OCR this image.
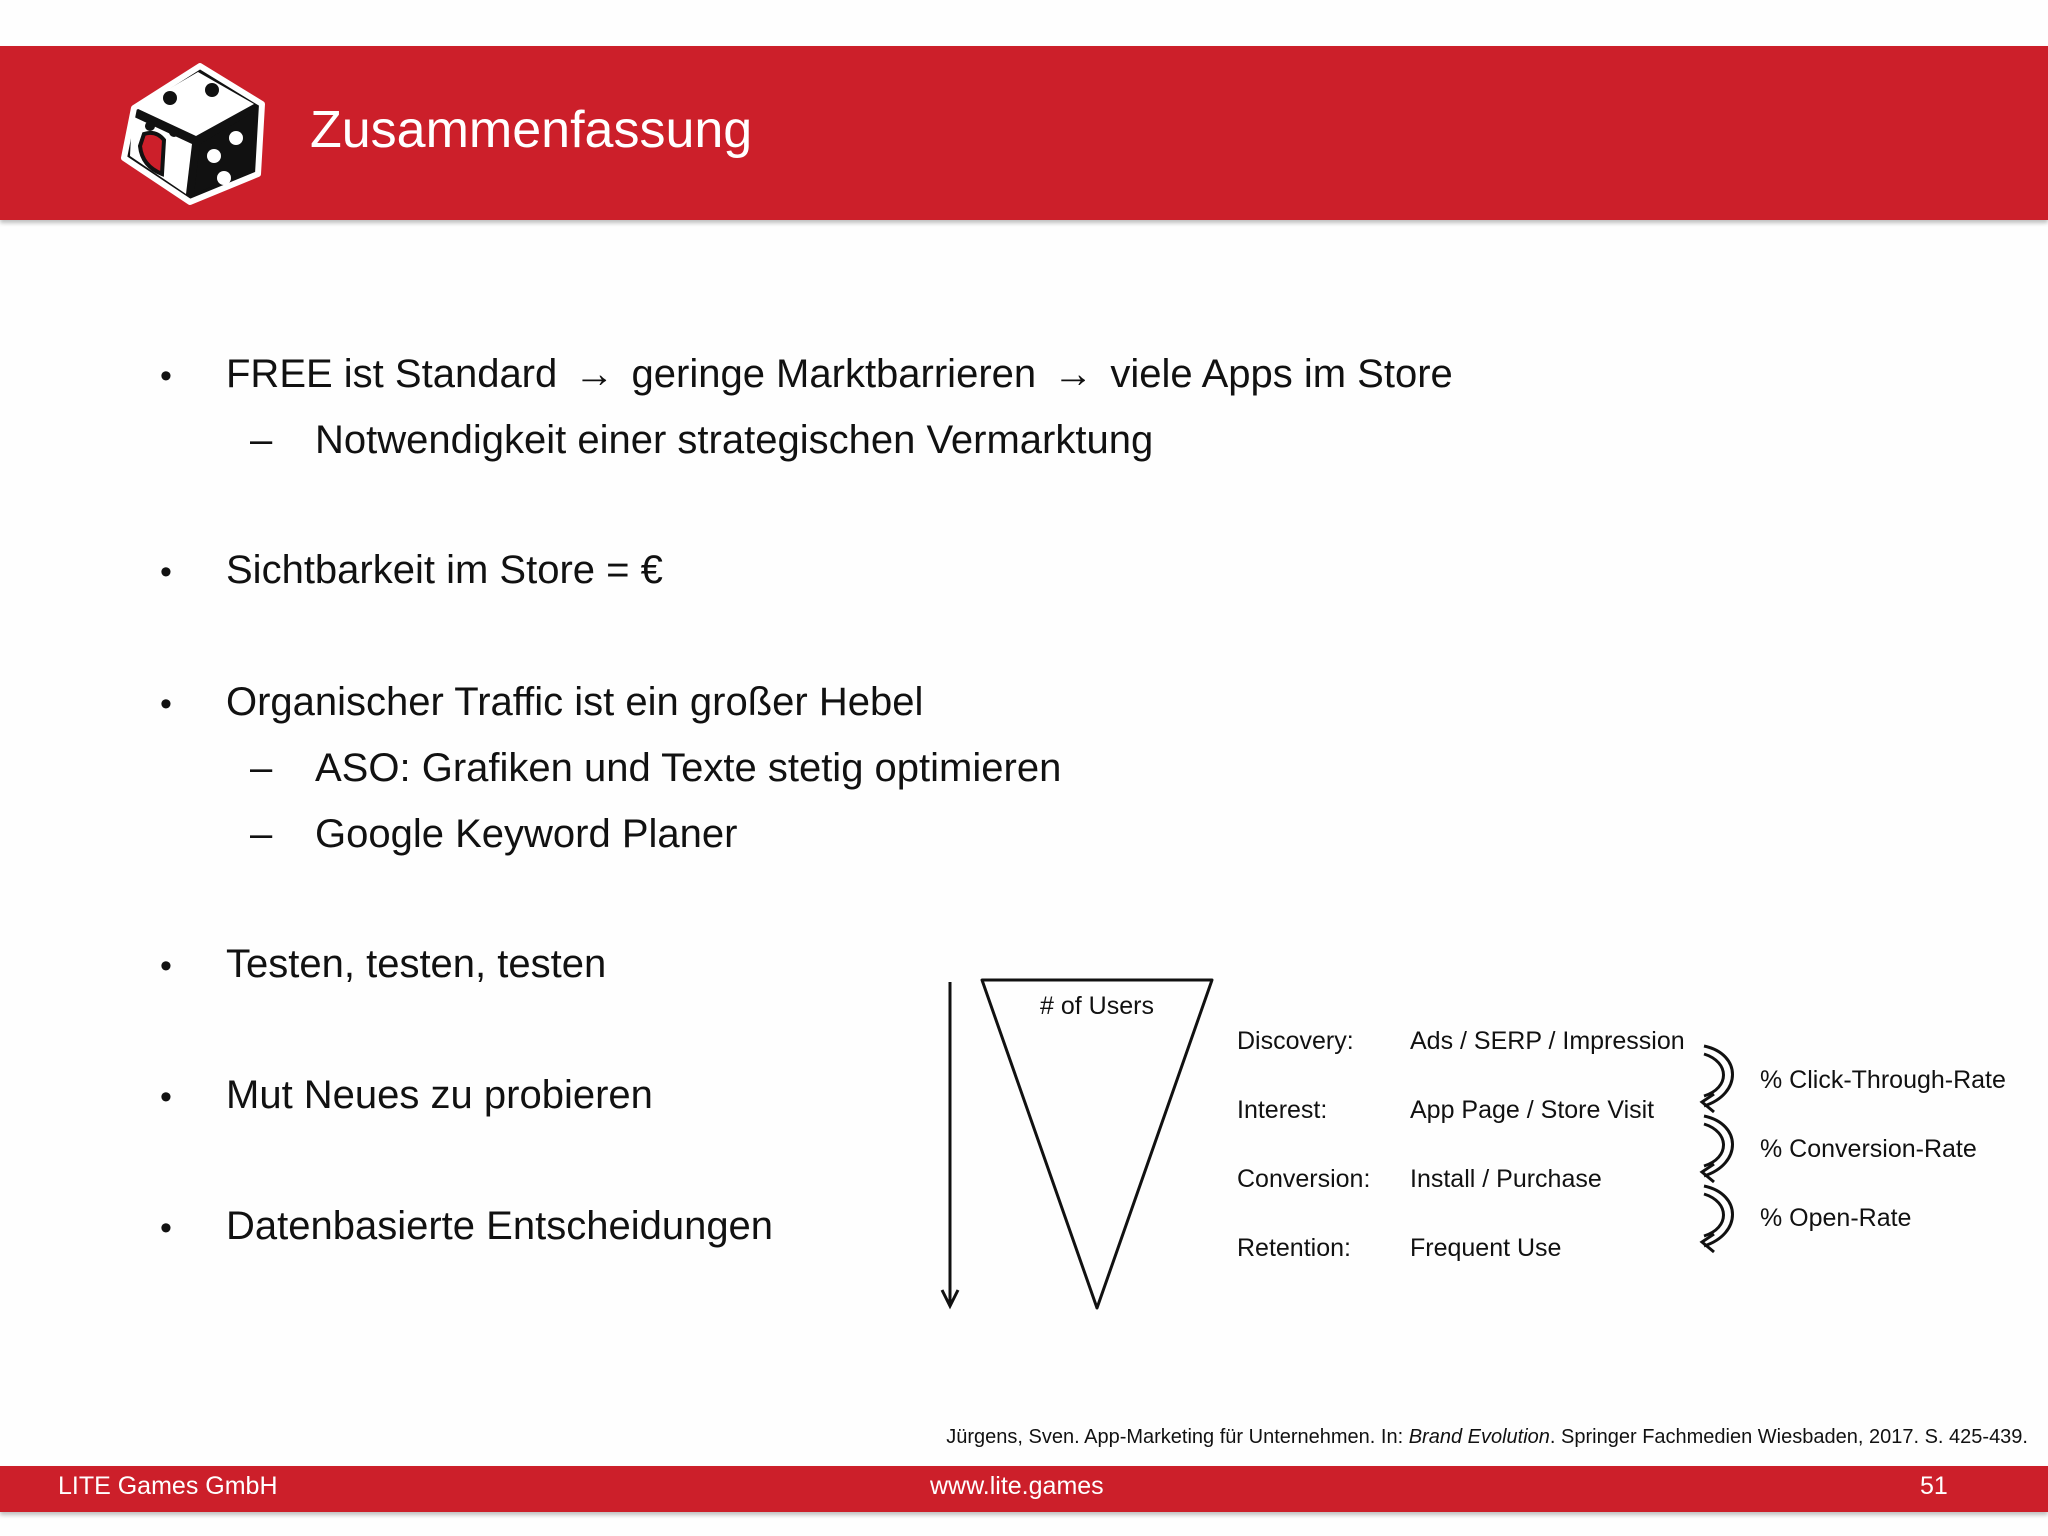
Zusammenfassung
• FREE ist Standard → geringe Marktbarrieren → viele Apps im Store
– Notwendigkeit einer strategischen Vermarktung
• Sichtbarkeit im Store = €
• Organischer Traffic ist ein großer Hebel
– ASO: Grafiken und Texte stetig optimieren
– Google Keyword Planer
• Testen, testen, testen
• Mut Neues zu probieren
• Datenbasierte Entscheidungen
# of Users
Discovery: Ads / SERP / Impression
Interest:	App Page / Store Visit
Conversion: Install / Purchase
Retention: Frequent Use
% Click-Through-Rate
% Conversion-Rate
% Open-Rate
Jürgens, Sven. App-Marketing für Unternehmen. In: Brand Evolution. Springer Fachmedien Wiesbaden, 2017. S. 425-439.
LITE Games GmbH	www.lite.games	51
